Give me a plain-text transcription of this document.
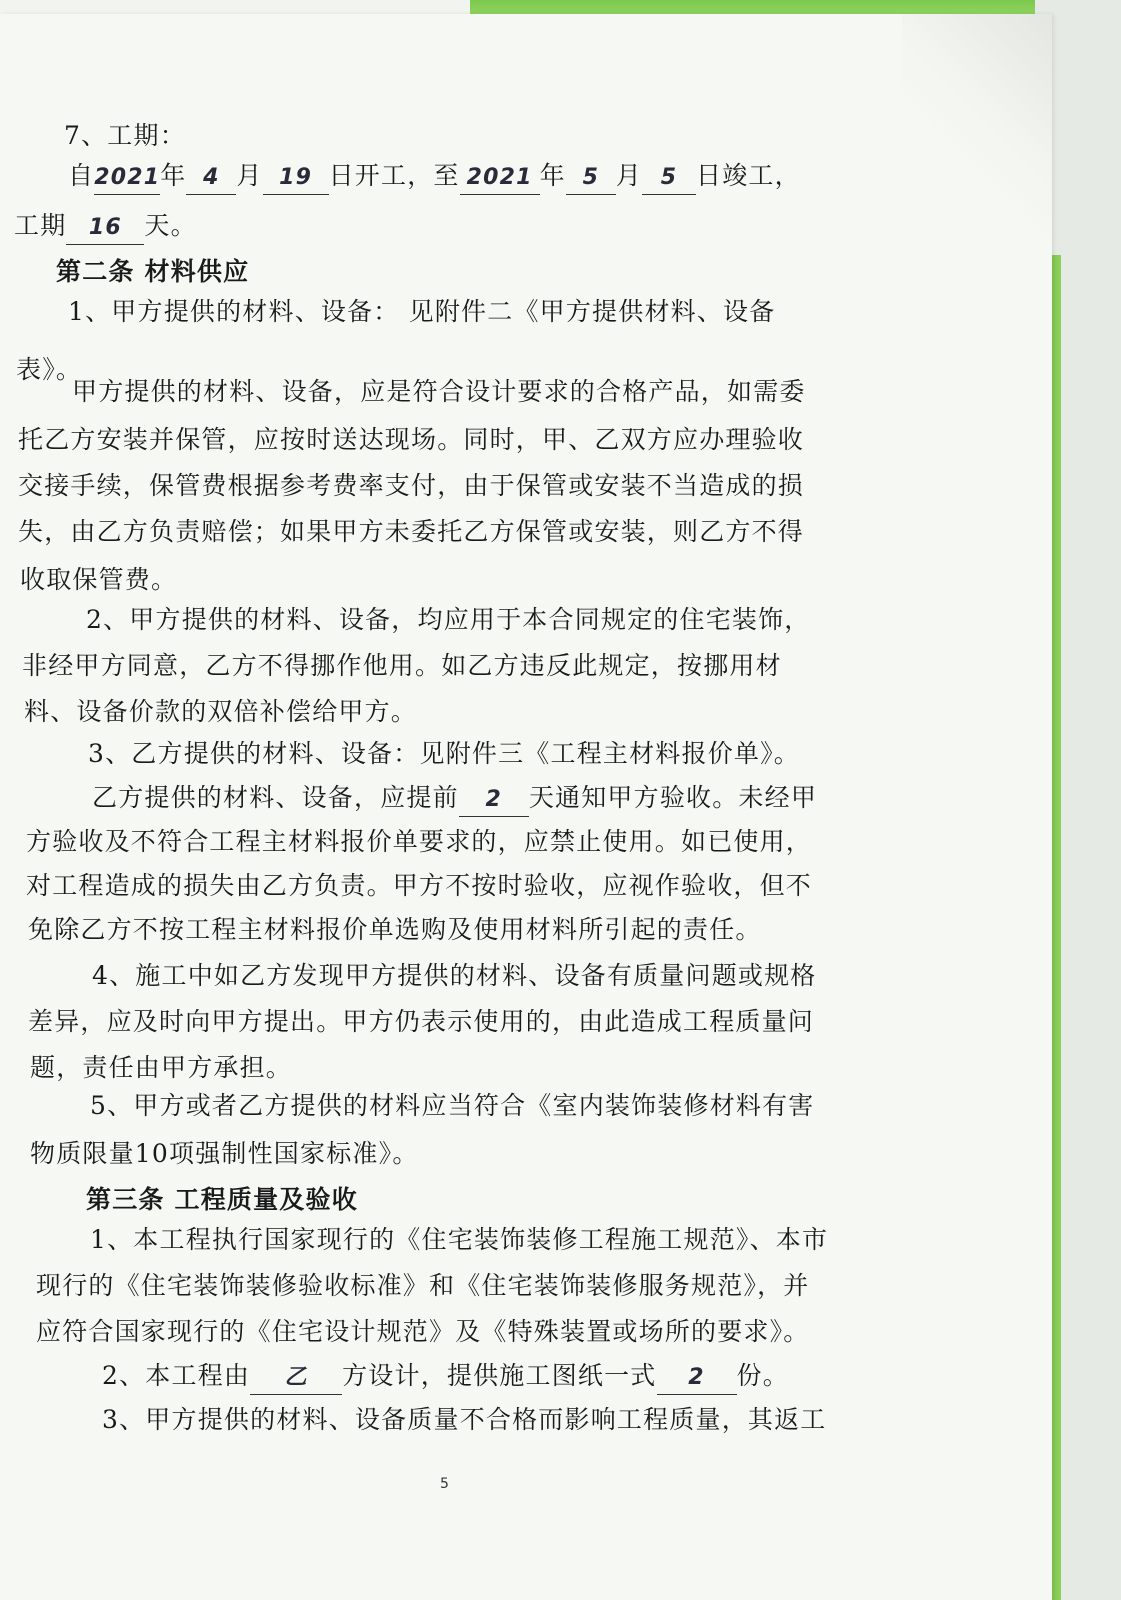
7、工期：
自2021年 4 月 19 日开工，至 2021 年 5 月 5 日竣工，
工期 16 天。
第二条 材料供应
1、甲方提供的材料、设备： 见附件二《甲方提供材料、设备
表》。
甲方提供的材料、设备，应是符合设计要求的合格产品，如需委
托乙方安装并保管，应按时送达现场。同时，甲、乙双方应办理验收
交接手续，保管费根据参考费率支付，由于保管或安装不当造成的损
失，由乙方负责赔偿；如果甲方未委托乙方保管或安装，则乙方不得
收取保管费。
2、甲方提供的材料、设备，均应用于本合同规定的住宅装饰，
非经甲方同意，乙方不得挪作他用。如乙方违反此规定，按挪用材
料、设备价款的双倍补偿给甲方。
3、乙方提供的材料、设备：见附件三《工程主材料报价单》。
乙方提供的材料、设备，应提前 2 天通知甲方验收。未经甲
方验收及不符合工程主材料报价单要求的，应禁止使用。如已使用，
对工程造成的损失由乙方负责。甲方不按时验收，应视作验收，但不
免除乙方不按工程主材料报价单选购及使用材料所引起的责任。
4、施工中如乙方发现甲方提供的材料、设备有质量问题或规格
差异，应及时向甲方提出。甲方仍表示使用的，由此造成工程质量问
题，责任由甲方承担。
5、甲方或者乙方提供的材料应当符合《室内装饰装修材料有害
物质限量10项强制性国家标准》。
第三条 工程质量及验收
1、本工程执行国家现行的《住宅装饰装修工程施工规范》、本市
现行的《住宅装饰装修验收标准》和《住宅装饰装修服务规范》，并
应符合国家现行的《住宅设计规范》及《特殊装置或场所的要求》。
2、本工程由 乙 方设计，提供施工图纸一式 2 份。
3、甲方提供的材料、设备质量不合格而影响工程质量，其返工
5
